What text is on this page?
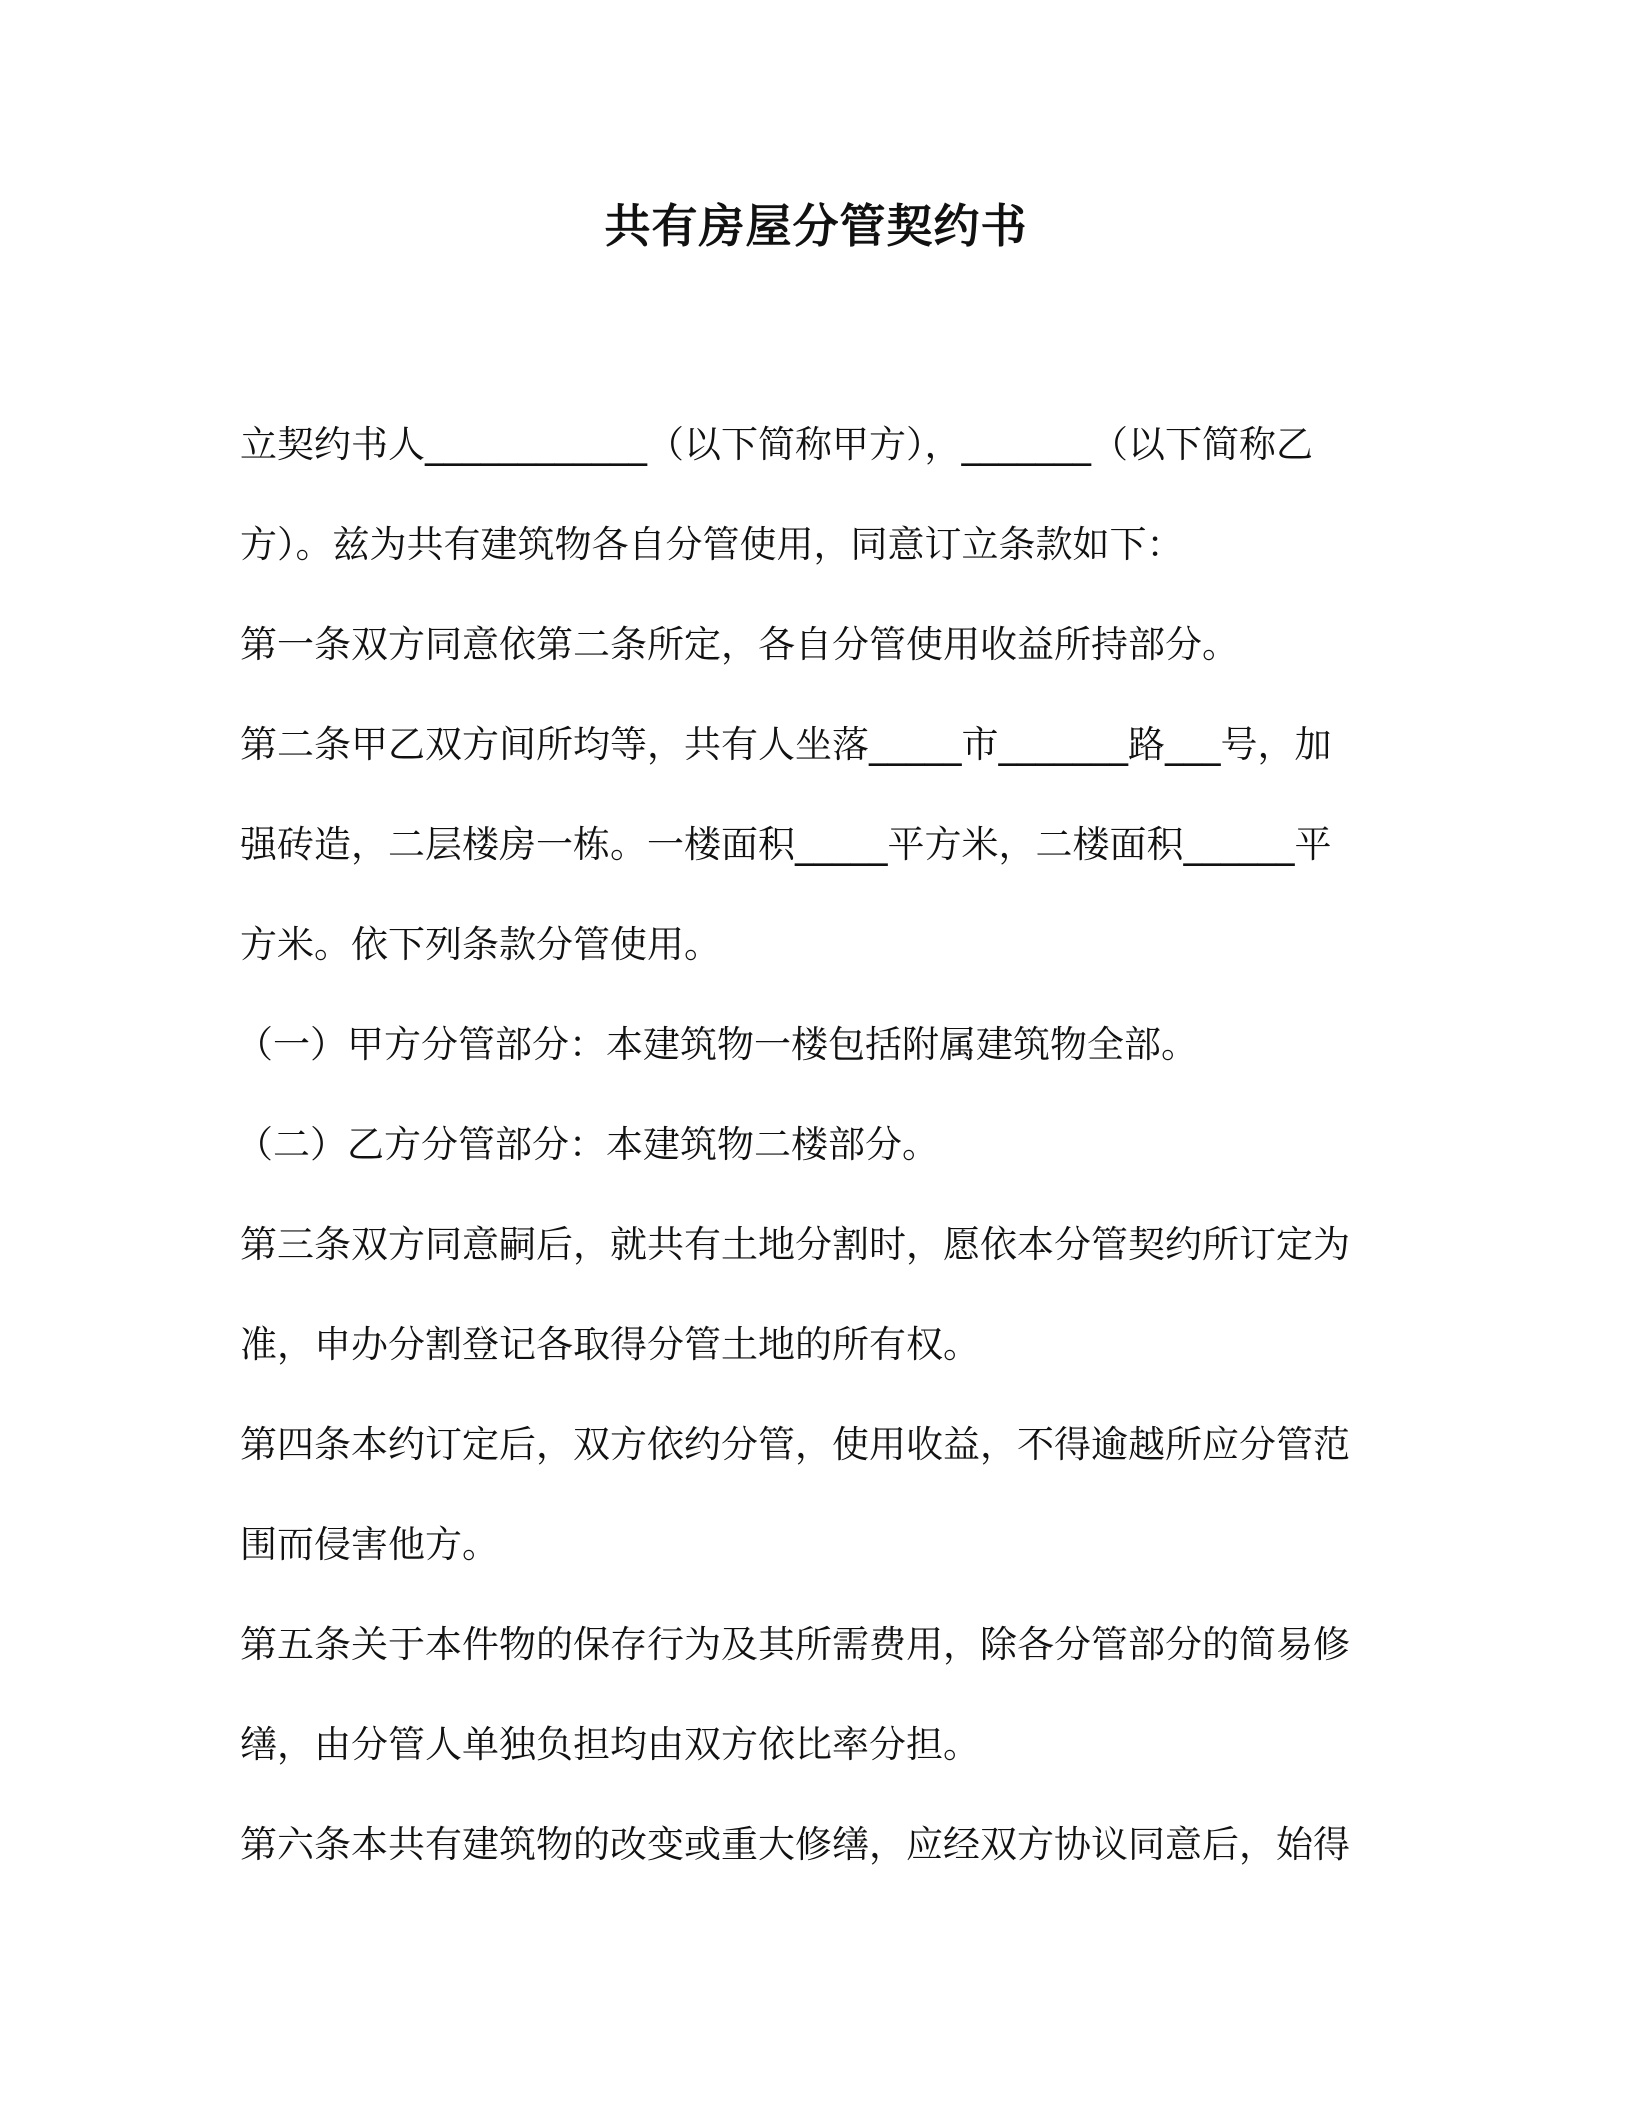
共有房屋分管契约书

立契约书人____________（以下简称甲方），_______（以下简称乙

方）。兹为共有建筑物各自分管使用，同意订立条款如下：

第一条双方同意依第二条所定，各自分管使用收益所持部分。

第二条甲乙双方间所均等，共有人坐落_____市_______路___号，加

强砖造，二层楼房一栋。一楼面积_____平方米，二楼面积______平

方米。依下列条款分管使用。

（一）甲方分管部分：本建筑物一楼包括附属建筑物全部。

（二）乙方分管部分：本建筑物二楼部分。

第三条双方同意嗣后，就共有土地分割时，愿依本分管契约所订定为

准，申办分割登记各取得分管土地的所有权。

第四条本约订定后，双方依约分管，使用收益，不得逾越所应分管范

围而侵害他方。

第五条关于本件物的保存行为及其所需费用，除各分管部分的简易修

缮，由分管人单独负担均由双方依比率分担。

第六条本共有建筑物的改变或重大修缮，应经双方协议同意后，始得
